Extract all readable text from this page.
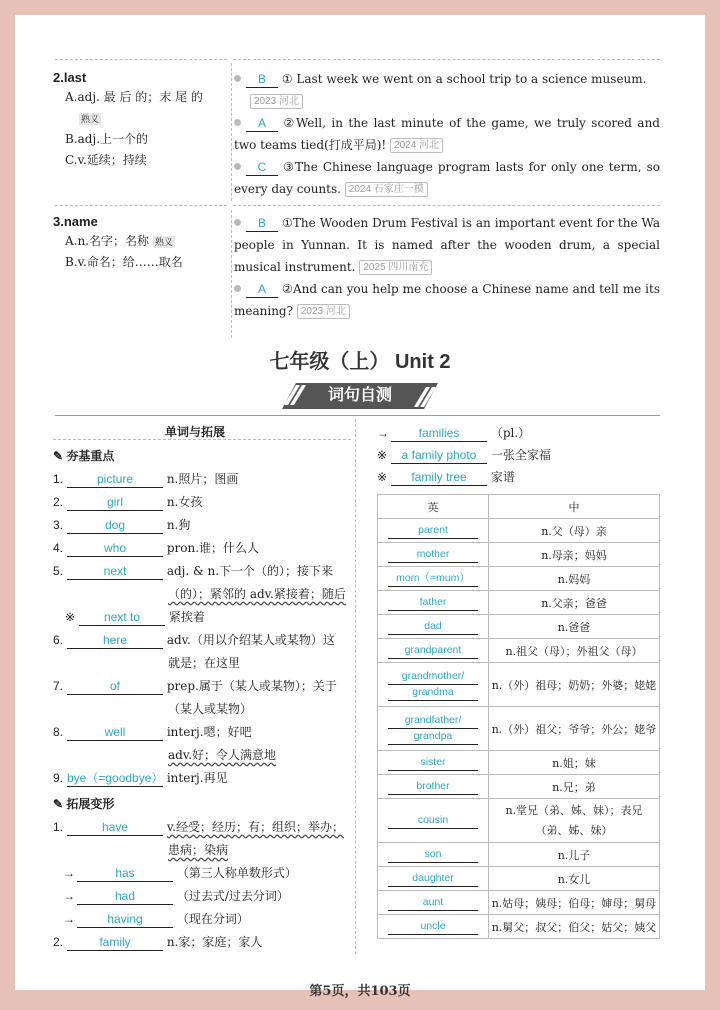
2.last
A.adj. 最 后 的；末 尾 的
熟义
B.adj.上一个的
C.v.延续；持续
B ① Last week we went on a school trip to a science museum.
2023 河北
A ②Well, in the last minute of the game, we truly scored and two teams tied(打成平局)! 2024 河北
C ③The Chinese language program lasts for only one term, so every day counts. 2024 石家庄一模
3.name
A.n.名字；名称 熟义
B.v.命名；给……取名
B ①The Wooden Drum Festival is an important event for the Wa people in Yunnan. It is named after the wooden drum, a special musical instrument. 2025 四川南充
A ②And can you help me choose a Chinese name and tell me its meaning? 2023 河北
七年级（上） Unit 2
词句自测
单词与拓展
✎ 夯基重点
1.	picture	n.照片；图画
2.	girl	n.女孩
3.	dog	n.狗
4.	who	pron.谁；什么人
5.	next	adj. & n.下一个（的）；接下来
（的）；紧邻的 adv.紧接着；随后
※ next to 紧挨着
6.	here	adv.（用以介绍某人或某物）这
就是；在这里
7.	of	prep.属于（某人或某物）；关于
（某人或某物）
8.	well	interj.嗯；好吧
adv.好；令人满意地
9. bye（=goodbye） interj.再见
✎ 拓展变形
1.	have	v.经受；经历；有；组织；举办；
患病；染病
→	has	（第三人称单数形式）
→	had	（过去式/过去分词）
→	having	（现在分词）
2.	family	n.家；家庭；家人
→ families	（pl.）
※ a family photo 一张全家福
※ family tree 家谱
英	中
parent	n.父（母）亲
mother	n.母亲；妈妈
mom（=mum）	n.妈妈
father	n.父亲；爸爸
dad	n.爸爸
grandparent	n.祖父（母）；外祖父（母）
grandmother/
grandma	n.（外）祖母；奶奶；外婆；姥姥
grandfather/
grandpa	n.（外）祖父；爷爷；外公；姥爷
sister	n.姐；妹
brother	n.兄；弟
cousin	n.堂兄（弟、姊、妹）；表兄（弟、姊、妹）
son	n.儿子
daughter	n.女儿
aunt	n.姑母；姨母；伯母；婶母；舅母
uncle	n.舅父；叔父；伯父；姑父；姨父
第5页，共103页
